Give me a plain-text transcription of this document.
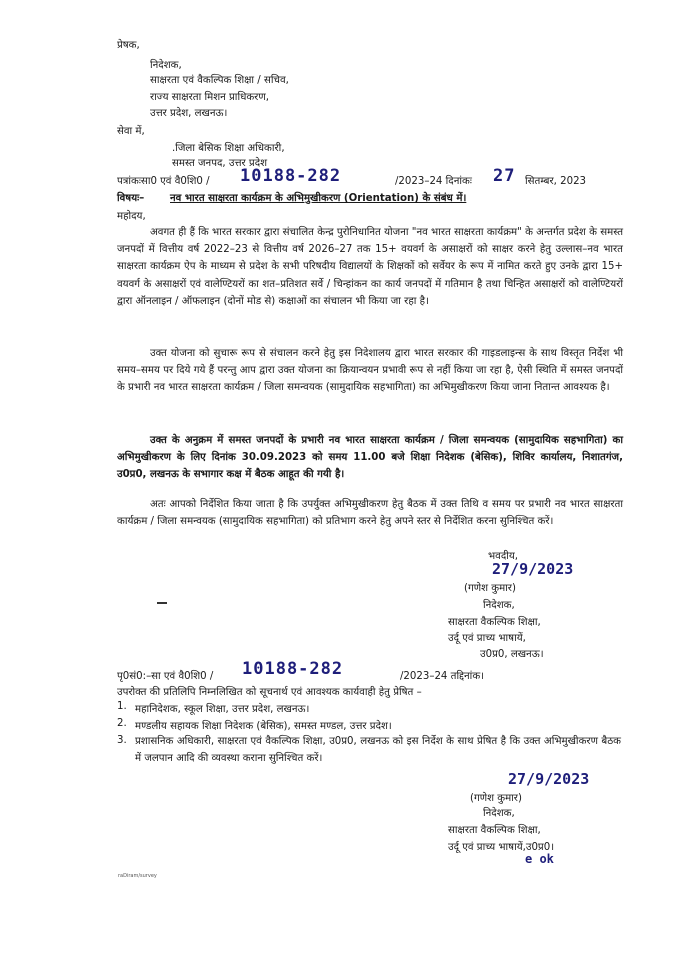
प्रेषक,
निदेशक,
साक्षरता एवं वैकल्पिक शिक्षा / सचिव,
राज्य साक्षरता मिशन प्राधिकरण,
उत्तर प्रदेश, लखनऊ।
सेवा में,
.जिला बेसिक शिक्षा अधिकारी,
समस्त जनपद, उत्तर प्रदेश
पत्रांकःसा0 एवं वै0शि0 / 10188-282	/2023–24 दिनांकः 27 सितम्बर, 2023
विषयः–	नव भारत साक्षरता कार्यक्रम के अभिमुखीकरण (Orientation) के संबंध में।
महोदय,
अवगत ही हैं कि भारत सरकार द्वारा संचालित केन्द्र पुरोनिधानित योजना "नव भारत साक्षरता कार्यक्रम" के अन्तर्गत प्रदेश के समस्त जनपदों में वित्तीय वर्ष 2022–23 से वित्तीय वर्ष 2026–27 तक 15+ वयवर्ग के असाक्षरों को साक्षर करने हेतु उल्लास–नव भारत साक्षरता कार्यक्रम ऐप के माध्यम से प्रदेश के सभी परिषदीय विद्यालयों के शिक्षकों को सर्वेयर के रूप में नामित करते हुए उनके द्वारा 15+ वयवर्ग के असाक्षरों एवं वालेण्टियरों का शत–प्रतिशत सर्वे / चिन्हांकन का कार्य जनपदों में गतिमान है तथा चिन्हित असाक्षरों को वालेण्टियरों द्वारा ऑनलाइन / ऑफलाइन (दोनों मोड से) कक्षाओं का संचालन भी किया जा रहा है।
उक्त योजना को सुचारू रूप से संचालन करने हेतु इस निदेशालय द्वारा भारत सरकार की गाइडलाइन्स के साथ विस्तृत निर्देश भी समय–समय पर दिये गये हैं परन्तु आप द्वारा उक्त योजना का क्रियान्वयन प्रभावी रूप से नहीं किया जा रहा है, ऐसी स्थिति में समस्त जनपदों के प्रभारी नव भारत साक्षरता कार्यक्रम / जिला समन्वयक (सामुदायिक सहभागिता) का अभिमुखीकरण किया जाना नितान्त आवश्यक है।
उक्त के अनुक्रम में समस्त जनपदों के प्रभारी नव भारत साक्षरता कार्यक्रम / जिला समन्वयक (सामुदायिक सहभागिता) का अभिमुखीकरण के लिए दिनांक 30.09.2023 को समय 11.00 बजे शिक्षा निदेशक (बेसिक), शिविर कार्यालय, निशातगंज, उ0प्र0, लखनऊ के सभागार कक्ष में बैठक आहूत की गयी है।
अतः आपको निर्देशित किया जाता है कि उपर्युक्त अभिमुखीकरण हेतु बैठक में उक्त तिथि व समय पर प्रभारी नव भारत साक्षरता कार्यक्रम / जिला समन्वयक (सामुदायिक सहभागिता) को प्रतिभाग करने हेतु अपने स्तर से निर्देशित करना सुनिश्चित करें।
भवदीय,
27/9/2023
(गणेश कुमार)
निदेशक,
साक्षरता वैकल्पिक शिक्षा,
उर्दू एवं प्राच्य भाषायें,
उ0प्र0, लखनऊ।
पृ0सं0:–सा एवं वै0शि0 / 10188-282	/2023–24 तद्दिनांक।
उपरोक्त की प्रतिलिपि निम्नलिखित को सूचनार्थ एवं आवश्यक कार्यवाही हेतु प्रेषित –
1. महानिदेशक, स्कूल शिक्षा, उत्तर प्रदेश, लखनऊ।
2. मण्डलीय सहायक शिक्षा निदेशक (बेसिक), समस्त मण्डल, उत्तर प्रदेश।
3. प्रशासनिक अधिकारी, साक्षरता एवं वैकल्पिक शिक्षा, उ0प्र0, लखनऊ को इस निर्देश के साथ प्रेषित है कि उक्त अभिमुखीकरण बैठक में जलपान आदि की व्यवस्था कराना सुनिश्चित करें।
27/9/2023
(गणेश कुमार)
निदेशक,
साक्षरता वैकल्पिक शिक्षा,
उर्दू एवं प्राच्य भाषायें,उ0प्र0।
e ok
raDiram/survey
